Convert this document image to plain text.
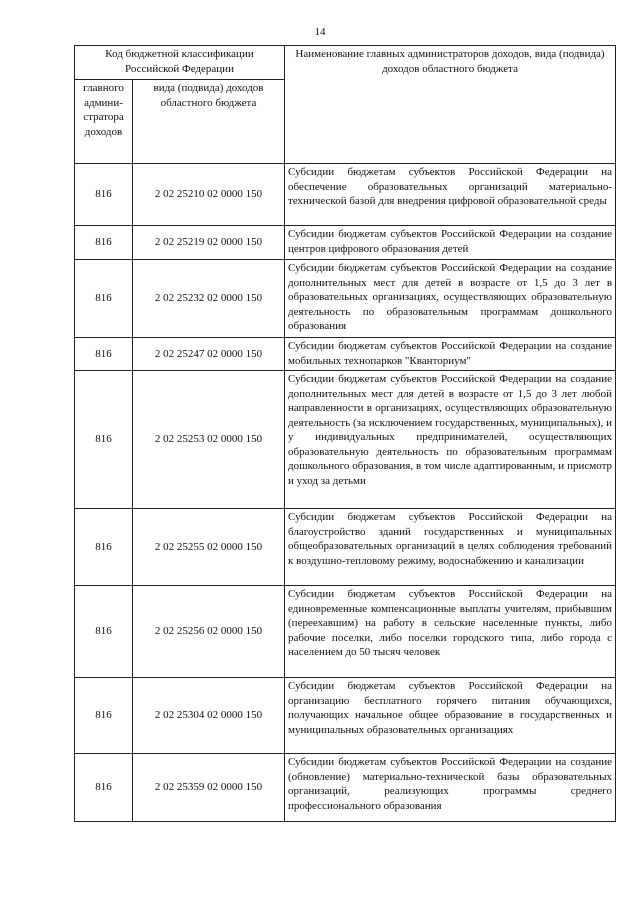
14
Код бюджетной классификации Российской Федерации		Наименование главных администраторов доходов, вида (подвида) доходов областного бюджета
главного админи-стратора доходов	вида (подвида) доходов областного бюджета	
816	2 02 25210 02 0000 150	Субсидии бюджетам субъектов Российской Федерации на обеспечение образовательных организаций материально-технической базой для внедрения цифровой образовательной среды
816	2 02 25219 02 0000 150	Субсидии бюджетам субъектов Российской Федерации на создание центров цифрового образования детей
816	2 02 25232 02 0000 150	Субсидии бюджетам субъектов Российской Федерации на создание дополнительных мест для детей в возрасте от 1,5 до 3 лет в образовательных организациях, осуществляющих образовательную деятельность по образовательным программам дошкольного образования
816	2 02 25247 02 0000 150	Субсидии бюджетам субъектов Российской Федерации на создание мобильных технопарков "Кванториум"
816	2 02 25253 02 0000 150	Субсидии бюджетам субъектов Российской Федерации на создание дополнительных мест для детей в возрасте от 1,5 до 3 лет любой направленности в организациях, осуществляющих образовательную деятельность (за исключением государственных, муниципальных), и у индивидуальных предпринимателей, осуществляющих образовательную деятельность по образовательным программам дошкольного образования, в том числе адаптированным, и присмотр и уход за детьми
816	2 02 25255 02 0000 150	Субсидии бюджетам субъектов Российской Федерации на благоустройство зданий государственных и муниципальных общеобразовательных организаций в целях соблюдения требований к воздушно-тепловому режиму, водоснабжению и канализации
816	2 02 25256 02 0000 150	Субсидии бюджетам субъектов Российской Федерации на единовременные компенсационные выплаты учителям, прибывшим (переехавшим) на работу в сельские населенные пункты, либо рабочие поселки, либо поселки городского типа, либо города с населением до 50 тысяч человек
816	2 02 25304 02 0000 150	Субсидии бюджетам субъектов Российской Федерации на организацию бесплатного горячего питания обучающихся, получающих начальное общее образование в государственных и муниципальных образовательных организациях
816	2 02 25359 02 0000 150	Субсидии бюджетам субъектов Российской Федерации на создание (обновление) материально-технической базы образовательных организаций, реализующих программы среднего профессионального образования
